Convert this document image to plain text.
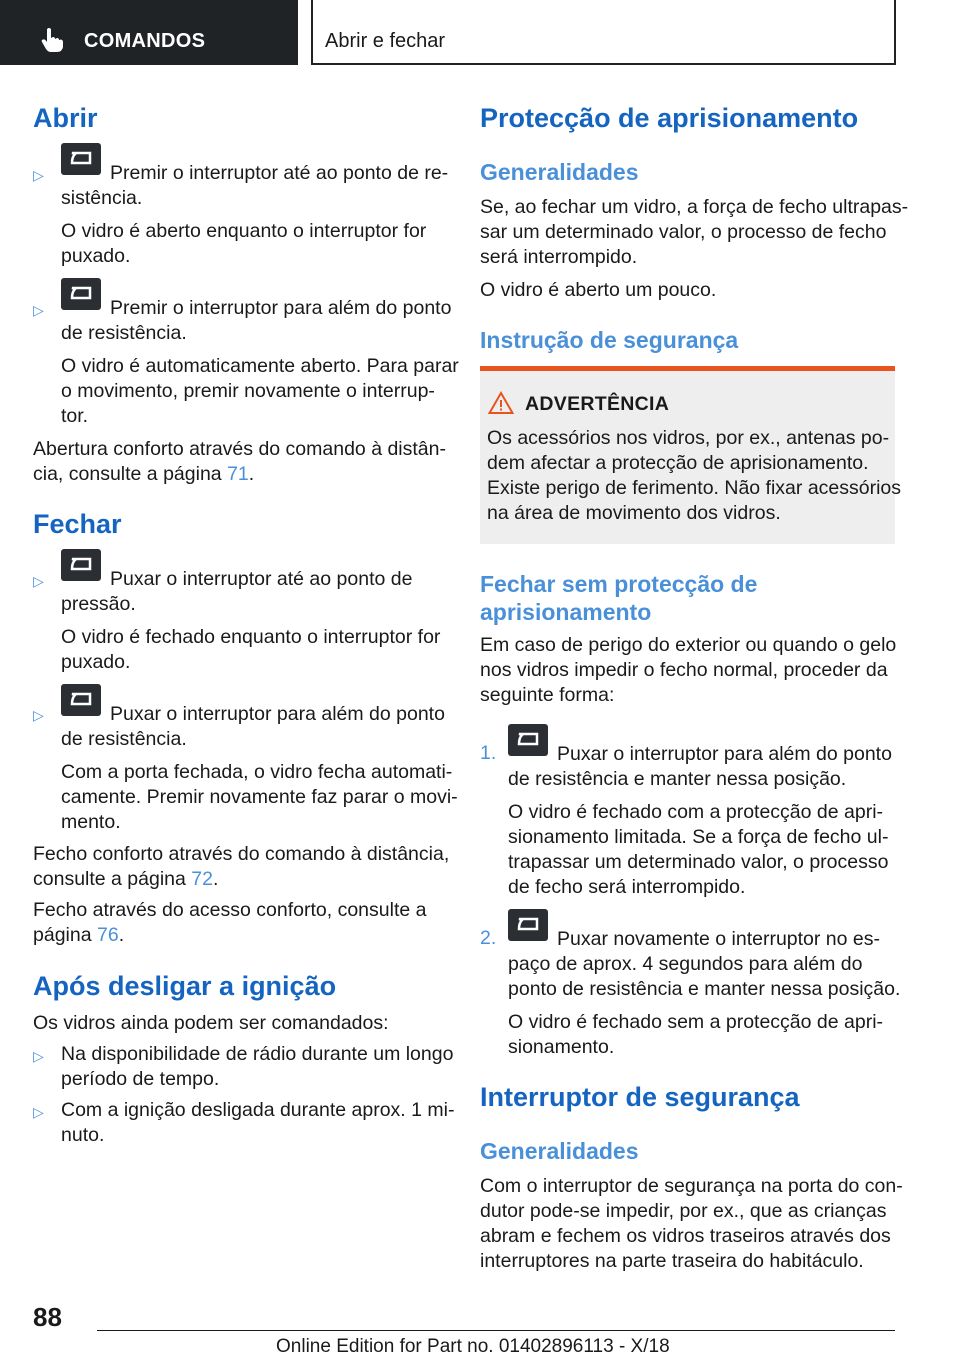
COMANDOS	Abrir e fechar
Abrir
▷	Premir o interruptor até ao ponto de re-
sistência.
O vidro é aberto enquanto o interruptor for
puxado.
▷	Premir o interruptor para além do ponto
de resistência.
O vidro é automaticamente aberto. Para parar
o movimento, premir novamente o interrup-
tor.
Abertura conforto através do comando à distân-
cia, consulte a página 71.
Fechar
▷	Puxar o interruptor até ao ponto de
pressão.
O vidro é fechado enquanto o interruptor for
puxado.
▷	Puxar o interruptor para além do ponto
de resistência.
Com a porta fechada, o vidro fecha automati-
camente. Premir novamente faz parar o movi-
mento.
Fecho conforto através do comando à distância,
consulte a página 72.
Fecho através do acesso conforto, consulte a
página 76.
Após desligar a ignição
Os vidros ainda podem ser comandados:
▷ Na disponibilidade de rádio durante um longo
período de tempo.
▷ Com a ignição desligada durante aprox. 1 mi-
nuto.
Protecção de aprisionamento
Generalidades
Se, ao fechar um vidro, a força de fecho ultrapas-
sar um determinado valor, o processo de fecho
será interrompido.
O vidro é aberto um pouco.
Instrução de segurança
ADVERTÊNCIA
Os acessórios nos vidros, por ex., antenas po-
dem afectar a protecção de aprisionamento.
Existe perigo de ferimento. Não fixar acessórios
na área de movimento dos vidros.
Fechar sem protecção de
aprisionamento
Em caso de perigo do exterior ou quando o gelo
nos vidros impedir o fecho normal, proceder da
seguinte forma:
1.	Puxar o interruptor para além do ponto
de resistência e manter nessa posição.
O vidro é fechado com a protecção de apri-
sionamento limitada. Se a força de fecho ul-
trapassar um determinado valor, o processo
de fecho será interrompido.
2.	Puxar novamente o interruptor no es-
paço de aprox. 4 segundos para além do
ponto de resistência e manter nessa posição.
O vidro é fechado sem a protecção de apri-
sionamento.
Interruptor de segurança
Generalidades
Com o interruptor de segurança na porta do con-
dutor pode-se impedir, por ex., que as crianças
abram e fechem os vidros traseiros através dos
interruptores na parte traseira do habitáculo.
88
Online Edition for Part no. 01402896113 - X/18
